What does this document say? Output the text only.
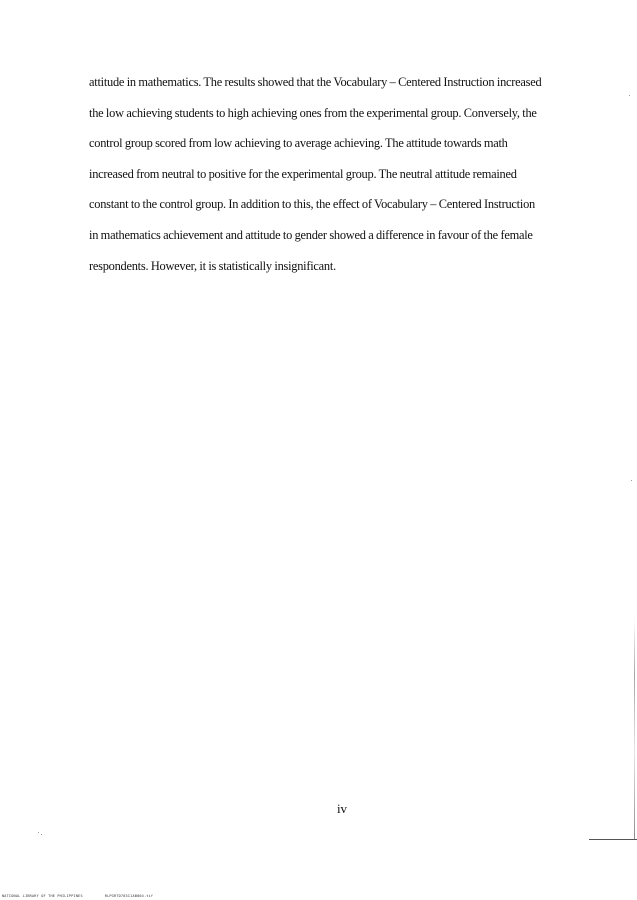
attitude in mathematics. The results showed that the Vocabulary – Centered Instruction increased
the low achieving students to high achieving ones from the experimental group. Conversely, the
control group scored from low achieving to average achieving. The attitude towards math
increased from neutral to positive for the experimental group. The neutral attitude remained
constant to the control group. In addition to this, the effect of Vocabulary – Centered Instruction
in mathematics achievement and attitude to gender showed a difference in favour of the female
respondents. However, it is statistically insignificant.

iv
NATIONAL LIBRARY OF THE PHILIPPINES	RLPGRTD703I1AB004.tif
